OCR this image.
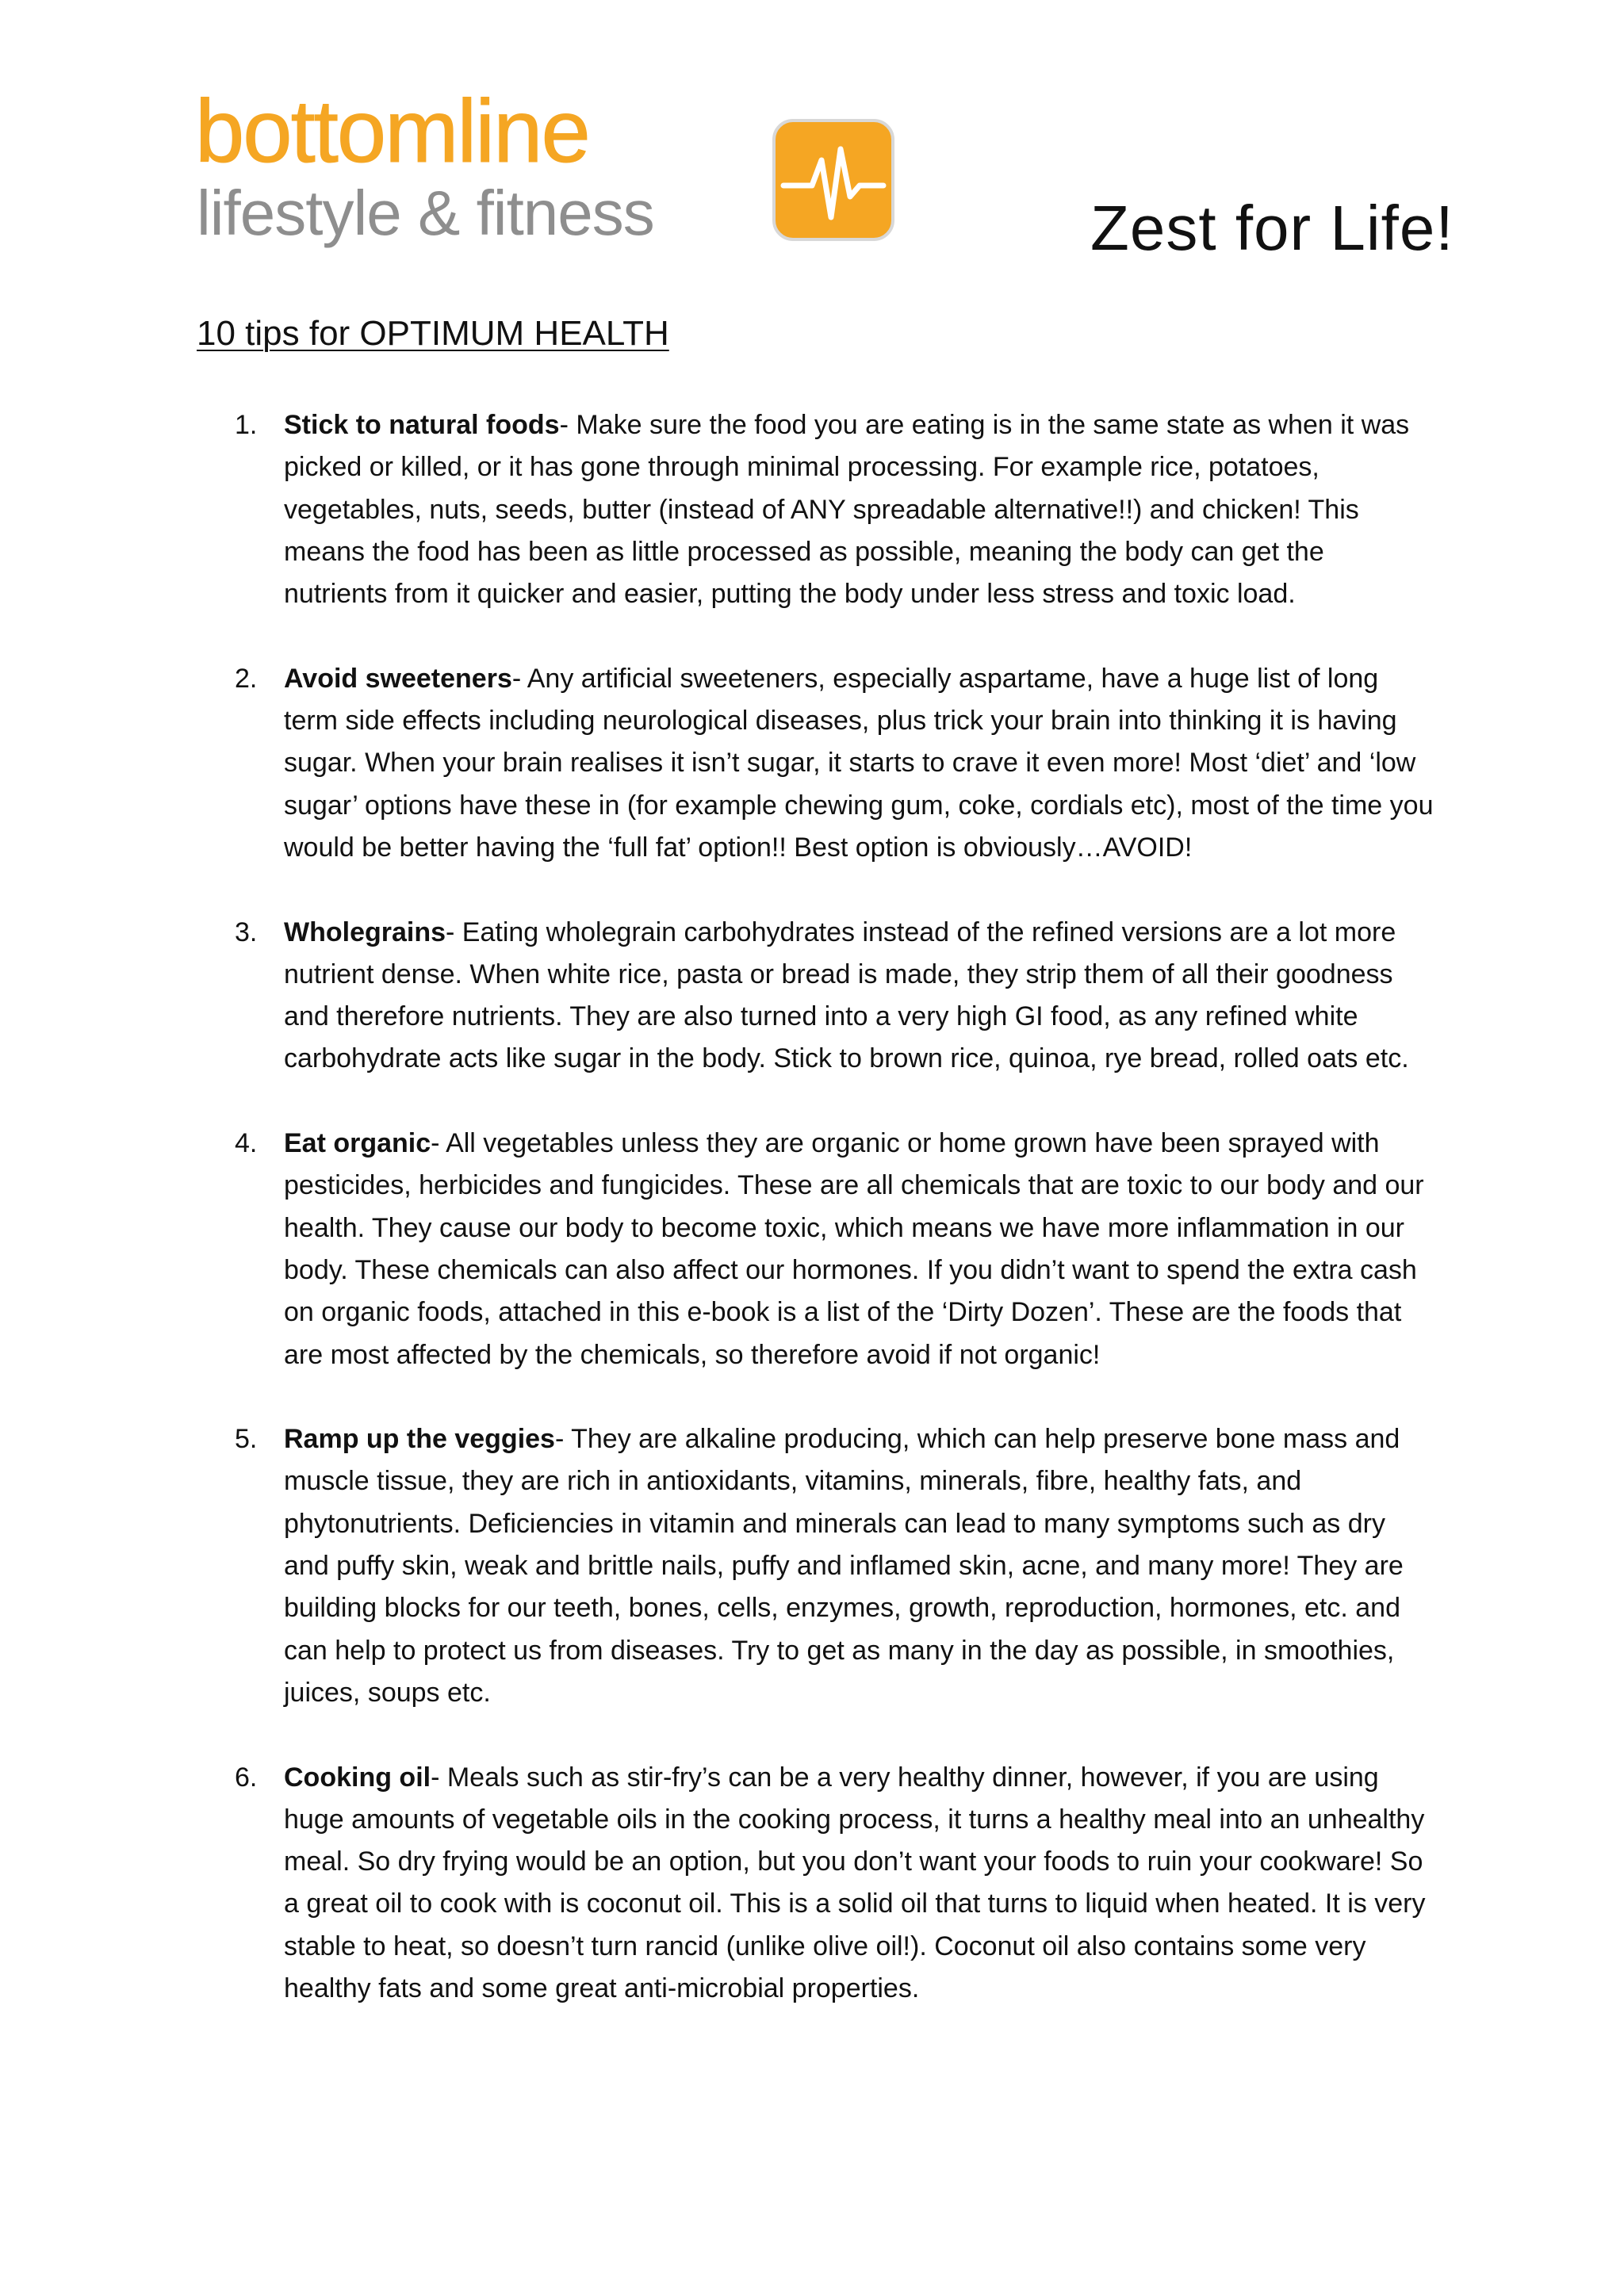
bottomline
lifestyle & fitness	Zest for Life!
10 tips for OPTIMUM HEALTH
1. Stick to natural foods- Make sure the food you are eating is in the same state as when it was picked or killed, or it has gone through minimal processing. For example rice, potatoes, vegetables, nuts, seeds, butter (instead of ANY spreadable alternative!!) and chicken! This means the food has been as little processed as possible, meaning the body can get the nutrients from it quicker and easier, putting the body under less stress and toxic load.
2. Avoid sweeteners- Any artificial sweeteners, especially aspartame, have a huge list of long term side effects including neurological diseases, plus trick your brain into thinking it is having sugar. When your brain realises it isn’t sugar, it starts to crave it even more! Most ‘diet’ and ‘low sugar’ options have these in (for example chewing gum, coke, cordials etc), most of the time you would be better having the ‘full fat’ option!! Best option is obviously…AVOID!
3. Wholegrains- Eating wholegrain carbohydrates instead of the refined versions are a lot more nutrient dense. When white rice, pasta or bread is made, they strip them of all their goodness and therefore nutrients. They are also turned into a very high GI food, as any refined white carbohydrate acts like sugar in the body. Stick to brown rice, quinoa, rye bread, rolled oats etc.
4. Eat organic- All vegetables unless they are organic or home grown have been sprayed with pesticides, herbicides and fungicides. These are all chemicals that are toxic to our body and our health. They cause our body to become toxic, which means we have more inflammation in our body. These chemicals can also affect our hormones. If you didn’t want to spend the extra cash on organic foods, attached in this e-book is a list of the ‘Dirty Dozen’. These are the foods that are most affected by the chemicals, so therefore avoid if not organic!
5. Ramp up the veggies- They are alkaline producing, which can help preserve bone mass and muscle tissue, they are rich in antioxidants, vitamins, minerals, fibre, healthy fats, and phytonutrients. Deficiencies in vitamin and minerals can lead to many symptoms such as dry and puffy skin, weak and brittle nails, puffy and inflamed skin, acne, and many more! They are building blocks for our teeth, bones, cells, enzymes, growth, reproduction, hormones, etc. and can help to protect us from diseases. Try to get as many in the day as possible, in smoothies, juices, soups etc.
6. Cooking oil- Meals such as stir-fry’s can be a very healthy dinner, however, if you are using huge amounts of vegetable oils in the cooking process, it turns a healthy meal into an unhealthy meal. So dry frying would be an option, but you don’t want your foods to ruin your cookware! So a great oil to cook with is coconut oil. This is a solid oil that turns to liquid when heated. It is very stable to heat, so doesn’t turn rancid (unlike olive oil!). Coconut oil also contains some very healthy fats and some great anti-microbial properties.
